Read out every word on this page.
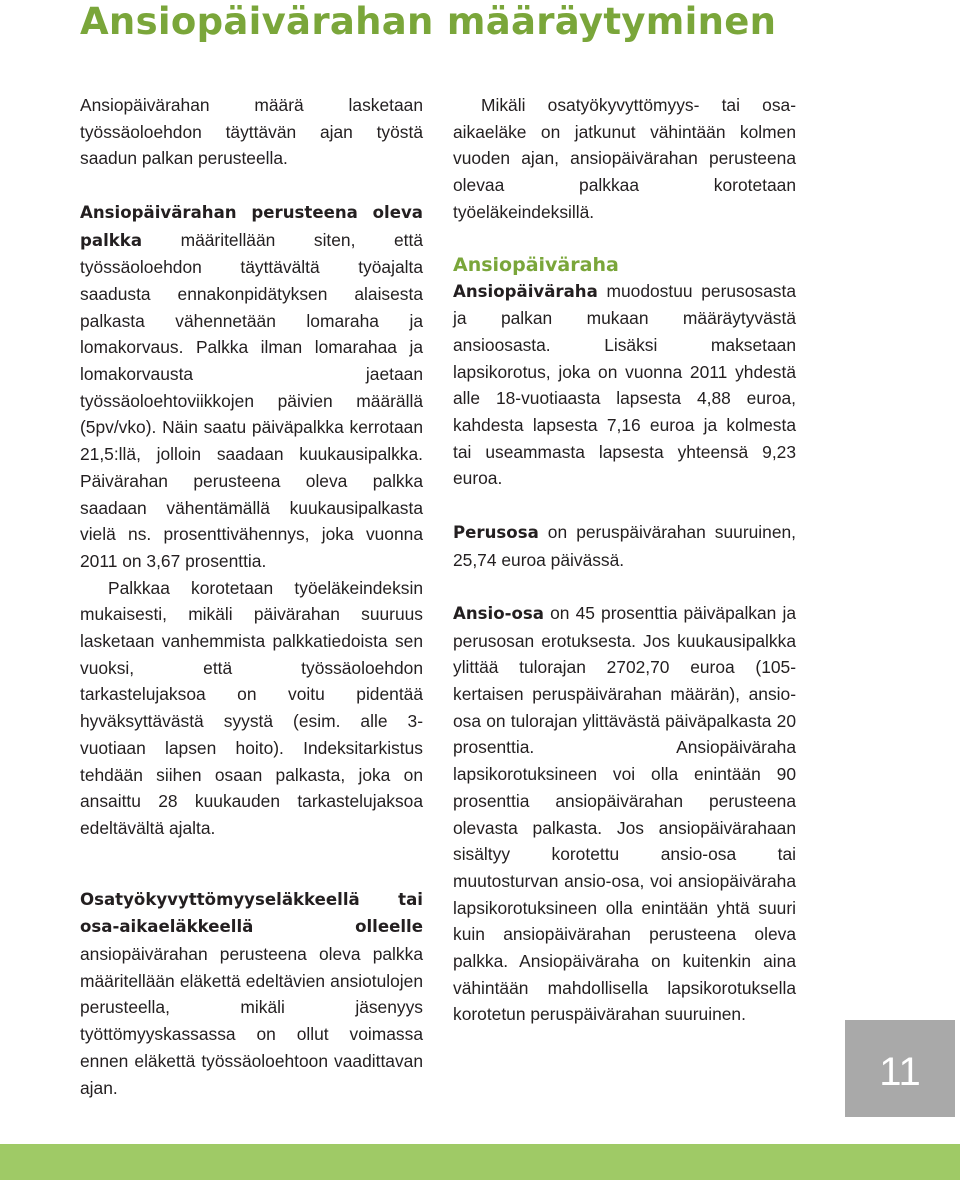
Ansiopäivärahan määräytyminen

Ansiopäivärahan määrä lasketaan työssäoloehdon täyttävän ajan työstä saadun palkan perusteella.

Ansiopäivärahan perusteena oleva palkka määritellään siten, että työssäoloehdon täyttävältä työajalta saadusta ennakonpidätyksen alaisesta palkasta vähennetään lomaraha ja lomakorvaus. Palkka ilman lomarahaa ja lomakorvausta jaetaan työssäoloehtoviikkojen päivien määrällä (5pv/vko). Näin saatu päiväpalkka kerrotaan 21,5:llä, jolloin saadaan kuukausipalkka. Päivärahan perusteena oleva palkka saadaan vähentämällä kuukausipalkasta vielä ns. prosenttivähennys, joka vuonna 2011 on 3,67 prosenttia.

Palkkaa korotetaan työeläkeindeksin mukaisesti, mikäli päivärahan suuruus lasketaan vanhemmista palkkatiedoista sen vuoksi, että työssäoloehdon tarkastelujaksoa on voitu pidentää hyväksyttävästä syystä (esim. alle 3-vuotiaan lapsen hoito). Indeksitarkistus tehdään siihen osaan palkasta, joka on ansaittu 28 kuukauden tarkastelujaksoa edeltävältä ajalta.

Osatyökyvyttömyyseläkkeellä tai osa-aikaeläkkeellä olleelle ansiopäivärahan perusteena oleva palkka määritellään eläkettä edeltävien ansiotulojen perusteella, mikäli jäsenyys työttömyyskassassa on ollut voimassa ennen eläkettä työssäoloehtoon vaadittavan ajan.

Mikäli osatyökyvyttömyys- tai osa-aikaeläke on jatkunut vähintään kolmen vuoden ajan, ansiopäivärahan perusteena olevaa palkkaa korotetaan työeläkeindeksillä.

Ansiopäiväraha

Ansiopäiväraha muodostuu perusosasta ja palkan mukaan määräytyvästä ansioosasta. Lisäksi maksetaan lapsikorotus, joka on vuonna 2011 yhdestä alle 18-vuotiaasta lapsesta 4,88 euroa, kahdesta lapsesta 7,16 euroa ja kolmesta tai useammasta lapsesta yhteensä 9,23 euroa.

Perusosa on peruspäivärahan suuruinen, 25,74 euroa päivässä.

Ansio-osa on 45 prosenttia päiväpalkan ja perusosan erotuksesta. Jos kuukausipalkka ylittää tulorajan 2702,70 euroa (105-kertaisen peruspäivärahan määrän), ansio-osa on tulorajan ylittävästä päiväpalkasta 20 prosenttia. Ansiopäiväraha lapsikorotuksineen voi olla enintään 90 prosenttia ansiopäivärahan perusteena olevasta palkasta. Jos ansiopäivärahaan sisältyy korotettu ansio-osa tai muutosturvan ansio-osa, voi ansiopäiväraha lapsikorotuksineen olla enintään yhtä suuri kuin ansiopäivärahan perusteena oleva palkka. Ansiopäiväraha on kuitenkin aina vähintään mahdollisella lapsikorotuksella korotetun peruspäivärahan suuruinen.

11
